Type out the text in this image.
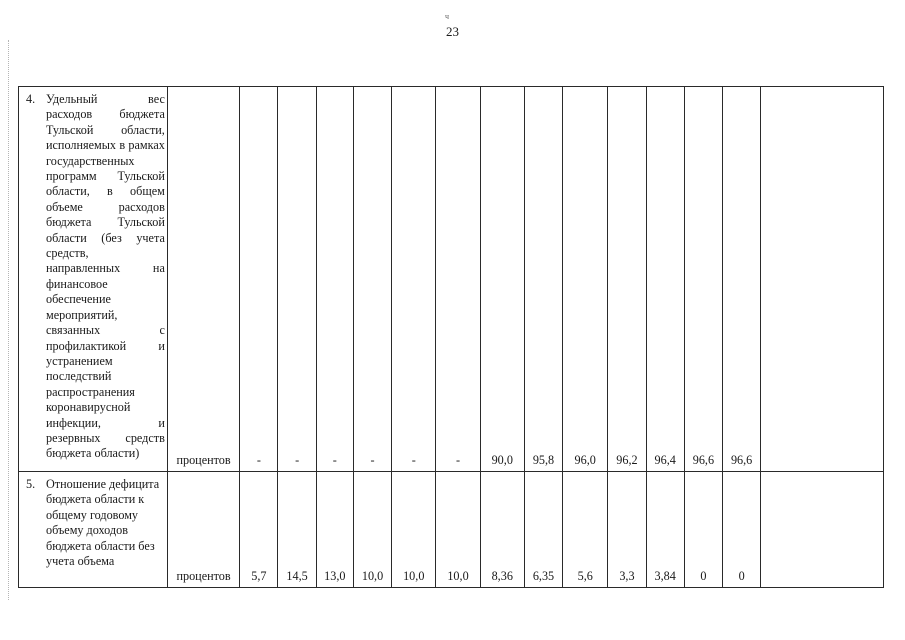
ч
23
4. Удельный вес расходов бюджета Тульской области, исполняемых в рамках государственных программ Тульской области, в общем объеме расходов бюджета Тульской области (без учета средств, направленных на финансовое обеспечение мероприятий, связанных с профилактикой и устранением последствий распространения коронавирусной инфекции, и резервных средств бюджета области)	процентов	-	-	-	-	-	-	90,0	95,8	96,0	96,2	96,4	96,6	96,6	

5. Отношение дефицита бюджета области к общему годовому объему доходов бюджета области без учета объема	процентов	5,7	14,5	13,0	10,0	10,0	10,0	8,36	6,35	5,6	3,3	3,84	0	0	
